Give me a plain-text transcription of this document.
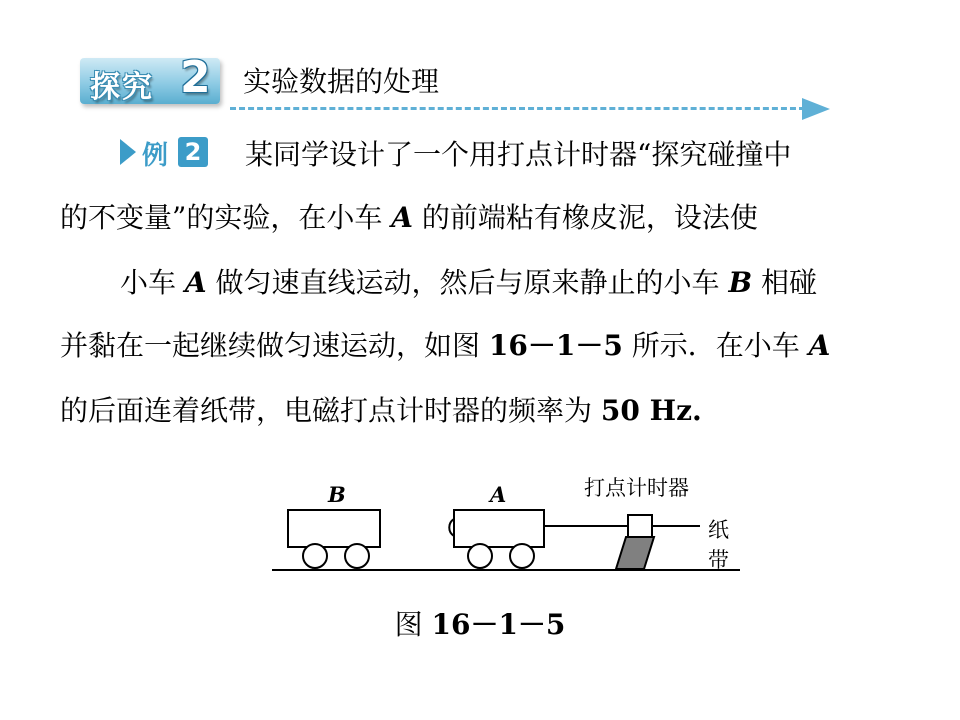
探究 2 实验数据的处理
例 2 某同学设计了一个用打点计时器“探究碰撞中
的不变量”的实验，在小车 A 的前端粘有橡皮泥，设法使
小车 A 做匀速直线运动，然后与原来静止的小车 B 相碰
并黏在一起继续做匀速运动，如图 16－1－5 所示．在小车 A
的后面连着纸带，电磁打点计时器的频率为 50 Hz.
B	A	打点计时器
纸带
图 16－1－5
